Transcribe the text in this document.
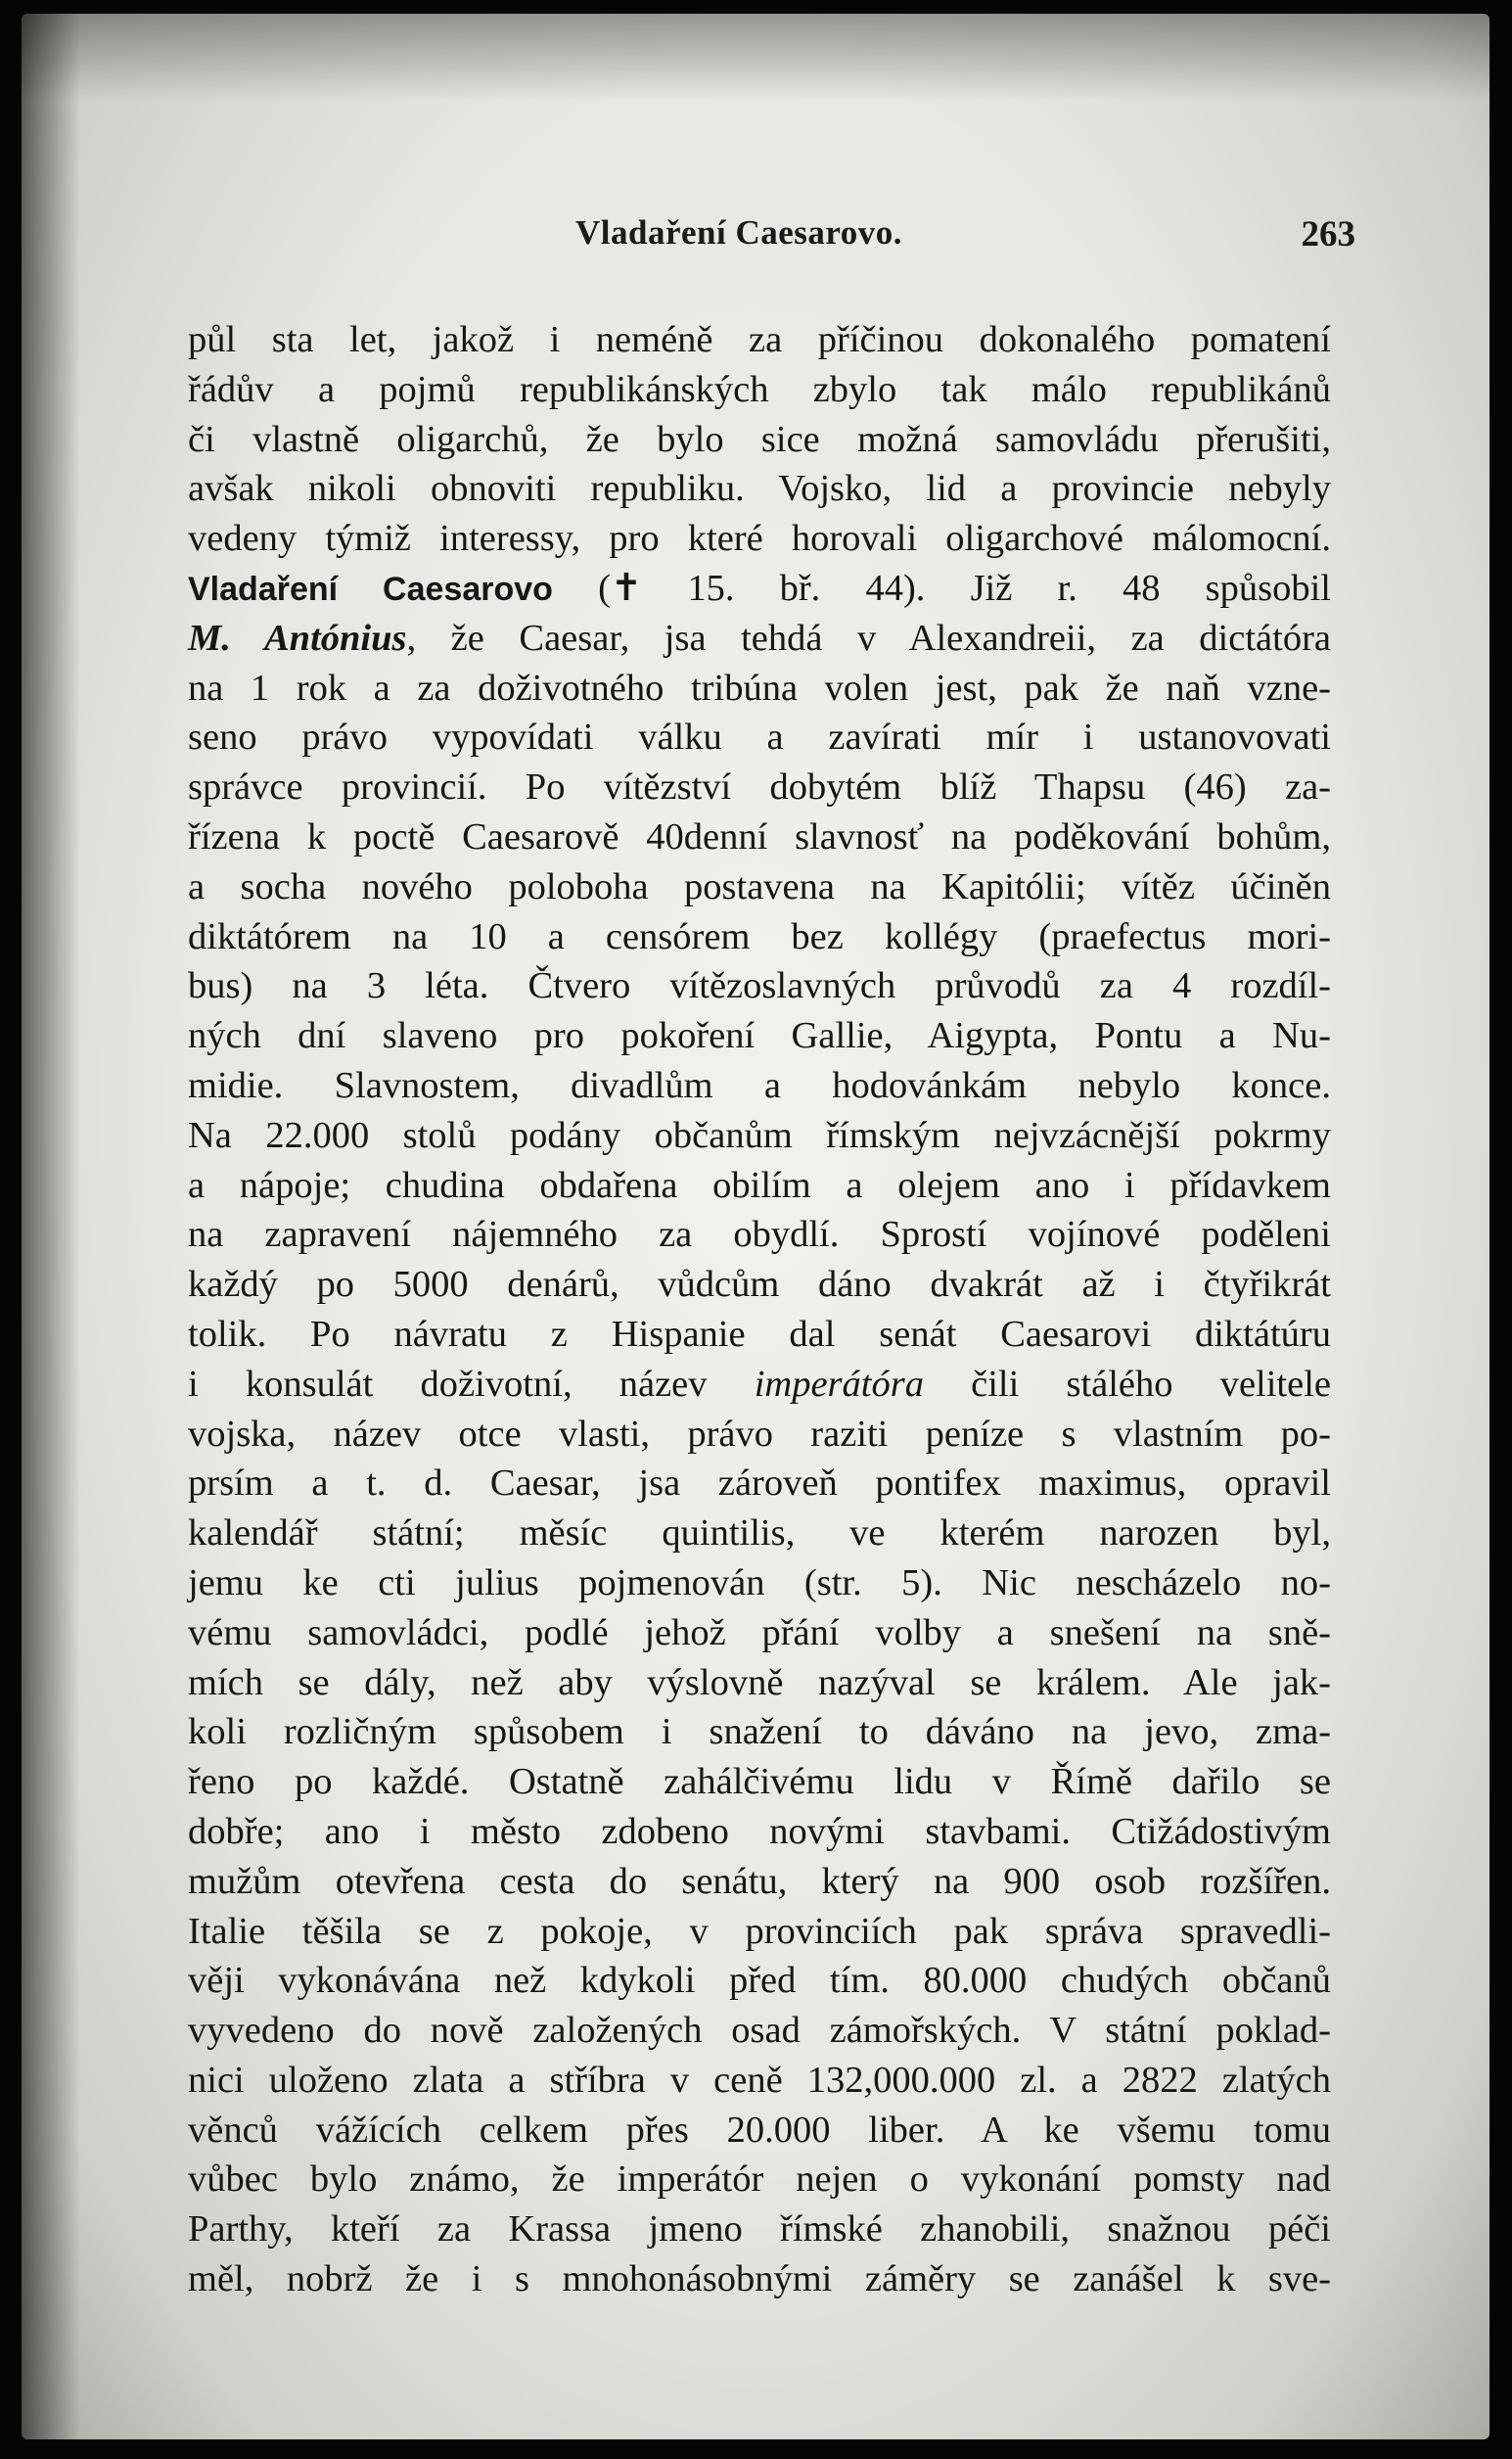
Vladaření Caesarovo.	263
půl sta let, jakož i neméně za příčinou dokonalého pomatení
řádův a pojmů republikánských zbylo tak málo republikánů
či vlastně oligarchů, že bylo sice možná samovládu přerušiti,
avšak nikoli obnoviti republiku. Vojsko, lid a provincie nebyly
vedeny týmiž interessy, pro které horovali oligarchové málomocní.
Vladaření Caesarovo (✝ 15. bř. 44). Již r. 48 spůsobil
M. Antónius, že Caesar, jsa tehdá v Alexandreii, za dictátóra
na 1 rok a za doživotného tribúna volen jest, pak že naň vzne-
seno právo vypovídati válku a zavírati mír i ustanovovati
správce provincií. Po vítězství dobytém blíž Thapsu (46) za-
řízena k poctě Caesarově 40denní slavnosť na poděkování bohům,
a socha nového poloboha postavena na Kapitólii; vítěz účiněn
diktátórem na 10 a censórem bez kollégy (praefectus mori-
bus) na 3 léta. Čtvero vítězoslavných průvodů za 4 rozdíl-
ných dní slaveno pro pokoření Gallie, Aigypta, Pontu a Nu-
midie. Slavnostem, divadlům a hodovánkám nebylo konce.
Na 22.000 stolů podány občanům římským nejvzácnější pokrmy
a nápoje; chudina obdařena obilím a olejem ano i přídavkem
na zapravení nájemného za obydlí. Sprostí vojínové poděleni
každý po 5000 denárů, vůdcům dáno dvakrát až i čtyřikrát
tolik. Po návratu z Hispanie dal senát Caesarovi diktátúru
i konsulát doživotní, název imperátóra čili stálého velitele
vojska, název otce vlasti, právo raziti peníze s vlastním po-
prsím a t. d. Caesar, jsa zároveň pontifex maximus, opravil
kalendář státní; měsíc quintilis, ve kterém narozen byl,
jemu ke cti julius pojmenován (str. 5). Nic nescházelo no-
vému samovládci, podlé jehož přání volby a snešení na sně-
mích se dály, než aby výslovně nazýval se králem. Ale jak-
koli rozličným spůsobem i snažení to dáváno na jevo, zma-
řeno po každé. Ostatně zahálčivému lidu v Římě dařilo se
dobře; ano i město zdobeno novými stavbami. Ctižádostivým
mužům otevřena cesta do senátu, který na 900 osob rozšířen.
Italie těšila se z pokoje, v provinciích pak správa spravedli-
věji vykonávána než kdykoli před tím. 80.000 chudých občanů
vyvedeno do nově založených osad zámořských. V státní poklad-
nici uloženo zlata a stříbra v ceně 132,000.000 zl. a 2822 zlatých
věnců vážících celkem přes 20.000 liber. A ke všemu tomu
vůbec bylo známo, že imperátór nejen o vykonání pomsty nad
Parthy, kteří za Krassa jmeno římské zhanobili, snažnou péči
měl, nobrž že i s mnohonásobnými záměry se zanášel k sve-
